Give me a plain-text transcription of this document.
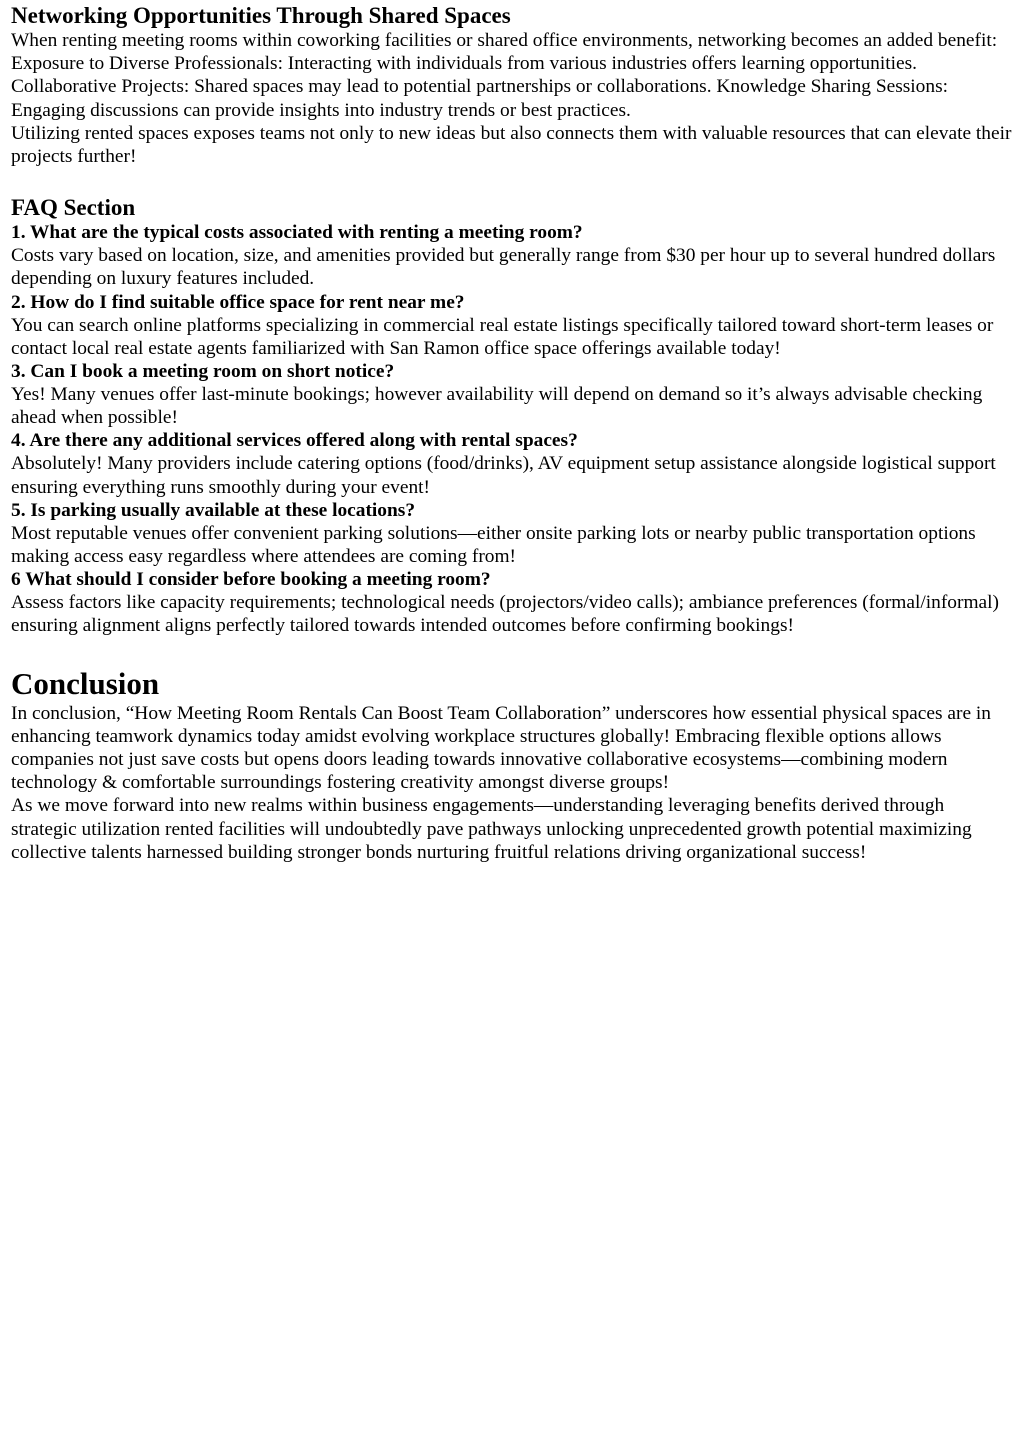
Networking Opportunities Through Shared Spaces

When renting meeting rooms within coworking facilities or shared office environments, networking becomes an added benefit:

Exposure to Diverse Professionals: Interacting with individuals from various industries offers learning opportunities. Collaborative Projects: Shared spaces may lead to potential partnerships or collaborations. Knowledge Sharing Sessions: Engaging discussions can provide insights into industry trends or best practices.

Utilizing rented spaces exposes teams not only to new ideas but also connects them with valuable resources that can elevate their projects further!

FAQ Section
1. What are the typical costs associated with renting a meeting room?

Costs vary based on location, size, and amenities provided but generally range from $30 per hour up to several hundred dollars depending on luxury features included.

2. How do I find suitable office space for rent near me?

You can search online platforms specializing in commercial real estate listings specifically tailored toward short-term leases or contact local real estate agents familiarized with San Ramon office space offerings available today!

3. Can I book a meeting room on short notice?

Yes! Many venues offer last-minute bookings; however availability will depend on demand so it’s always advisable checking ahead when possible!

4. Are there any additional services offered along with rental spaces?

Absolutely! Many providers include catering options (food/drinks), AV equipment setup assistance alongside logistical support ensuring everything runs smoothly during your event!

5. Is parking usually available at these locations?

Most reputable venues offer convenient parking solutions—either onsite parking lots or nearby public transportation options making access easy regardless where attendees are coming from!

6 What should I consider before booking a meeting room?

Assess factors like capacity requirements; technological needs (projectors/video calls); ambiance preferences (formal/informal) ensuring alignment aligns perfectly tailored towards intended outcomes before confirming bookings!

Conclusion

In conclusion, “How Meeting Room Rentals Can Boost Team Collaboration” underscores how essential physical spaces are in enhancing teamwork dynamics today amidst evolving workplace structures globally! Embracing flexible options allows companies not just save costs but opens doors leading towards innovative collaborative ecosystems—combining modern technology & comfortable surroundings fostering creativity amongst diverse groups!

As we move forward into new realms within business engagements—understanding leveraging benefits derived through strategic utilization rented facilities will undoubtedly pave pathways unlocking unprecedented growth potential maximizing collective talents harnessed building stronger bonds nurturing fruitful relations driving organizational success!
